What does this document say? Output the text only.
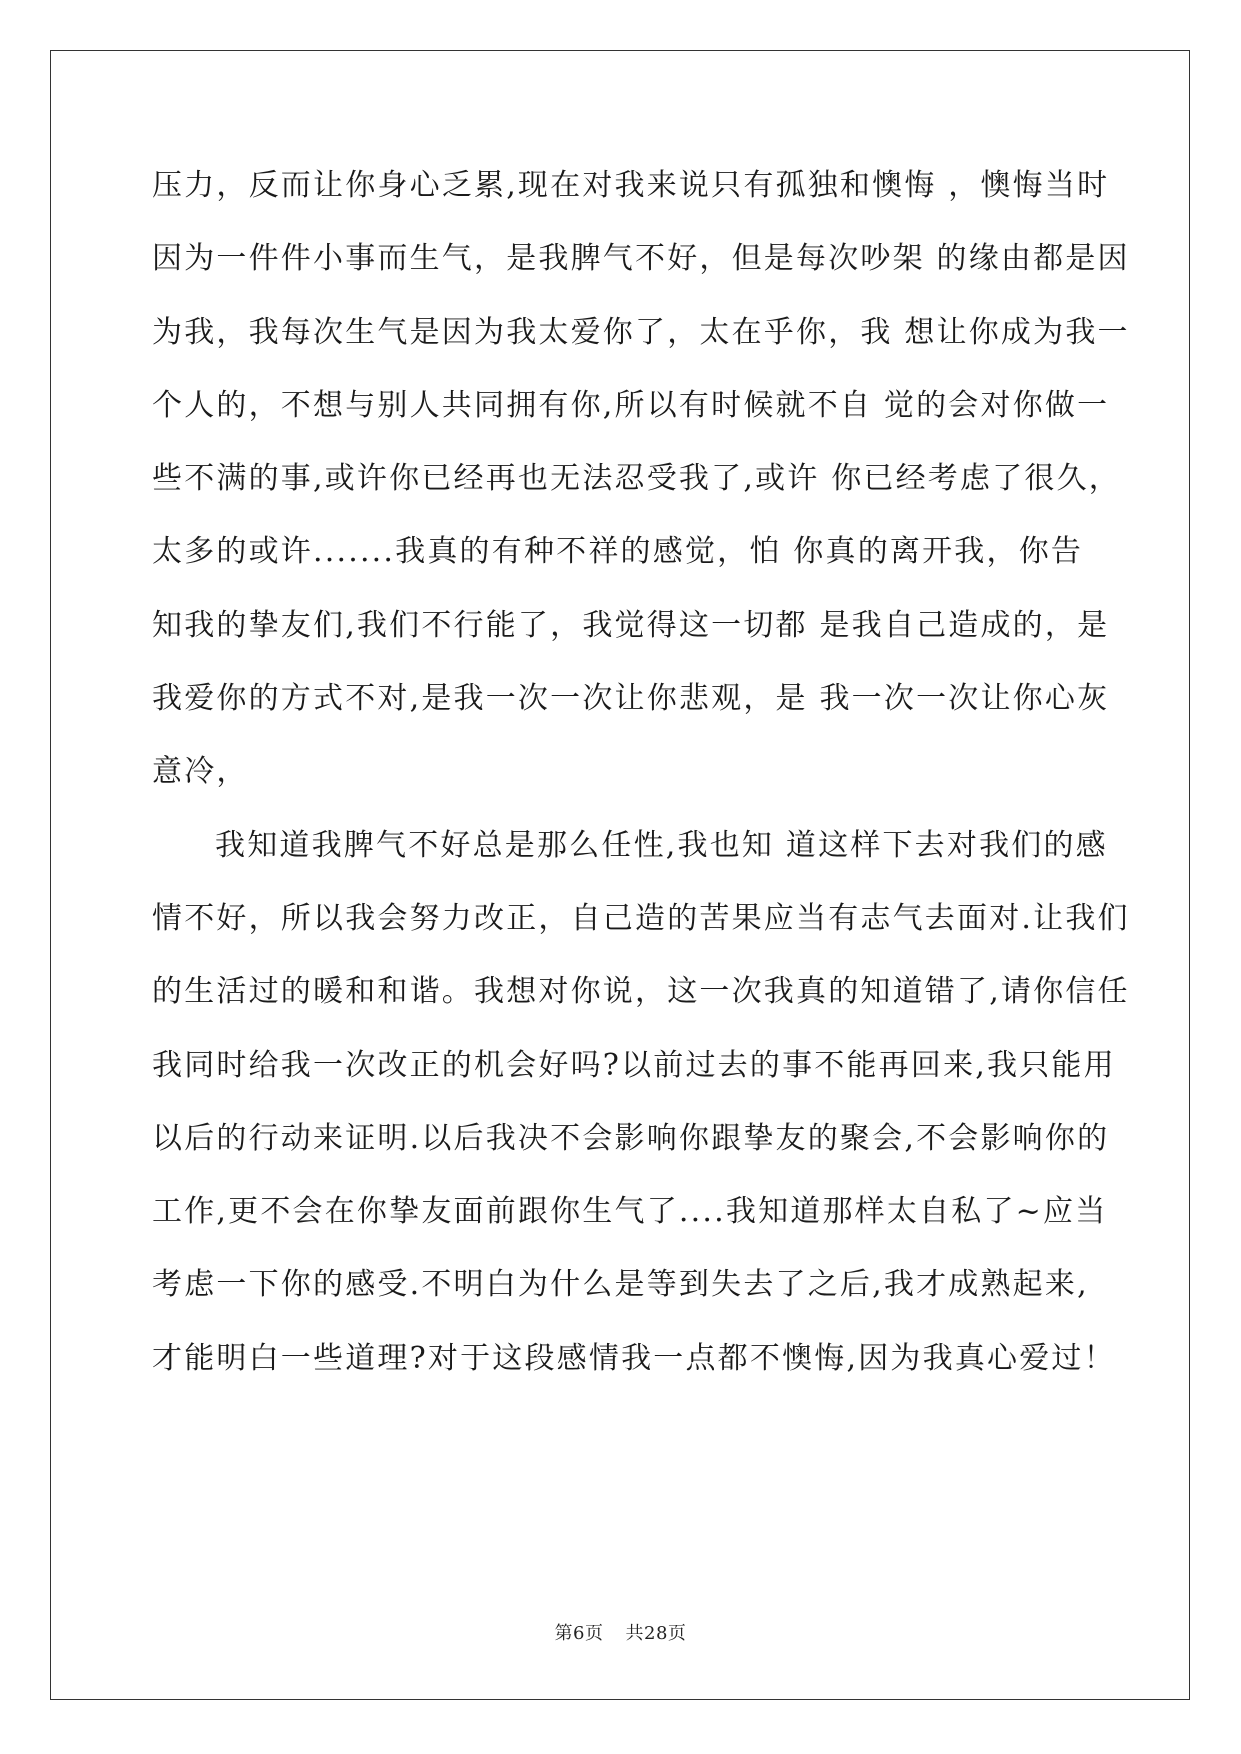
压力，反而让你身心乏累,现在对我来说只有孤独和懊悔 ，懊悔当时
因为一件件小事而生气，是我脾气不好，但是每次吵架 的缘由都是因
为我，我每次生气是因为我太爱你了，太在乎你，我 想让你成为我一
个人的，不想与别人共同拥有你,所以有时候就不自 觉的会对你做一
些不满的事,或许你已经再也无法忍受我了,或许 你已经考虑了很久，
太多的或许.......我真的有种不祥的感觉，怕 你真的离开我，你告
知我的挚友们,我们不行能了，我觉得这一切都 是我自己造成的，是
我爱你的方式不对,是我一次一次让你悲观，是 我一次一次让你心灰
意冷，
我知道我脾气不好总是那么任性,我也知 道这样下去对我们的感
情不好，所以我会努力改正，自己造的苦果应当有志气去面对.让我们
的生活过的暖和和谐。我想对你说，这一次我真的知道错了,请你信任
我同时给我一次改正的机会好吗?以前过去的事不能再回来,我只能用
以后的行动来证明.以后我决不会影响你跟挚友的聚会,不会影响你的
工作,更不会在你挚友面前跟你生气了....我知道那样太自私了~应当
考虑一下你的感受.不明白为什么是等到失去了之后,我才成熟起来,
才能明白一些道理?对于这段感情我一点都不懊悔,因为我真心爱过！
第6页 共28页
